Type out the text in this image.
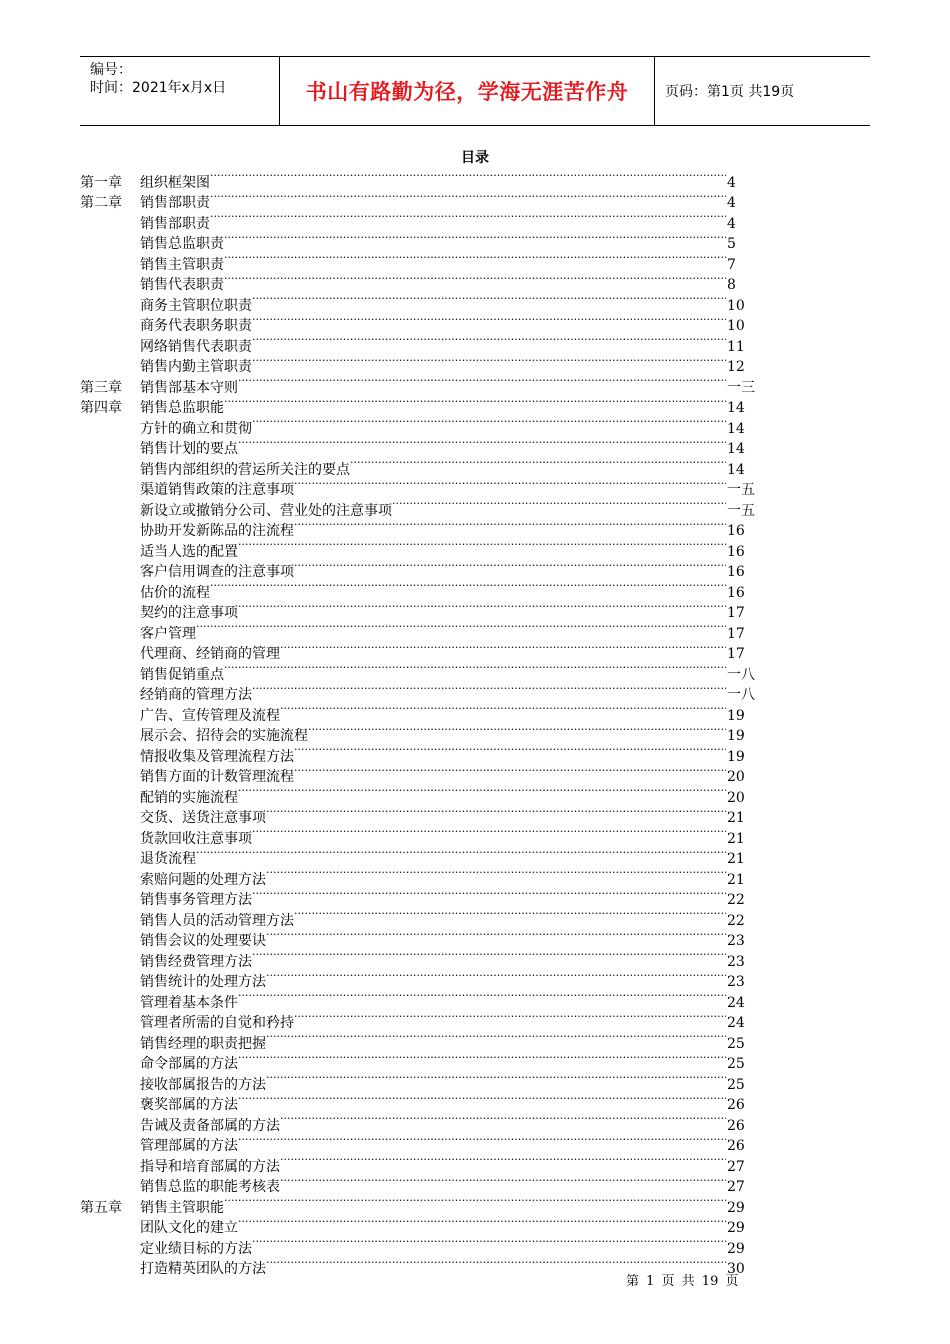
编号：
时间：2021年x月x日	书山有路勤为径，学海无涯苦作舟	页码：第1页 共19页
目录
第一章	组织框架图 ·····	4
第二章	销售部职责 ·····	4
销售部职责 ·····	4
销售总监职责 ·····	5
销售主管职责 ·····	7
销售代表职责 ·····	8
商务主管职位职责 ·····	10
商务代表职务职责 ·····	10
网络销售代表职责 ·····	11
销售内勤主管职责 ·····	12
第三章	销售部基本守则 ·····	一三
第四章	销售总监职能 ·····	14
方针的确立和贯彻 ·····	14
销售计划的要点 ·····	14
销售内部组织的营运所关注的要点 ·····	14
渠道销售政策的注意事项 ·····	一五
新设立或撤销分公司、营业处的注意事项 ·····	一五
协助开发新陈品的注流程 ·····	16
适当人选的配置 ·····	16
客户信用调查的注意事项 ·····	16
估价的流程 ·····	16
契约的注意事项 ·····	17
客户管理 ·····	17
代理商、经销商的管理 ·····	17
销售促销重点 ·····	一八
经销商的管理方法 ·····	一八
广告、宣传管理及流程 ·····	19
展示会、招待会的实施流程 ·····	19
情报收集及管理流程方法 ·····	19
销售方面的计数管理流程 ·····	20
配销的实施流程 ·····	20
交货、送货注意事项 ·····	21
货款回收注意事项 ·····	21
退货流程 ·····	21
索赔问题的处理方法 ·····	21
销售事务管理方法 ·····	22
销售人员的活动管理方法 ·····	22
销售会议的处理要诀 ·····	23
销售经费管理方法 ·····	23
销售统计的处理方法 ·····	23
管理着基本条件 ·····	24
管理者所需的自觉和矜持 ·····	24
销售经理的职责把握 ·····	25
命令部属的方法 ·····	25
接收部属报告的方法 ·····	25
褒奖部属的方法 ·····	26
告诫及责备部属的方法 ·····	26
管理部属的方法 ·····	26
指导和培育部属的方法 ·····	27
销售总监的职能考核表 ·····	27
第五章	销售主管职能 ·····	29
团队文化的建立 ·····	29
定业绩目标的方法 ·····	29
打造精英团队的方法 ·····	30
第 1 页 共 19 页
